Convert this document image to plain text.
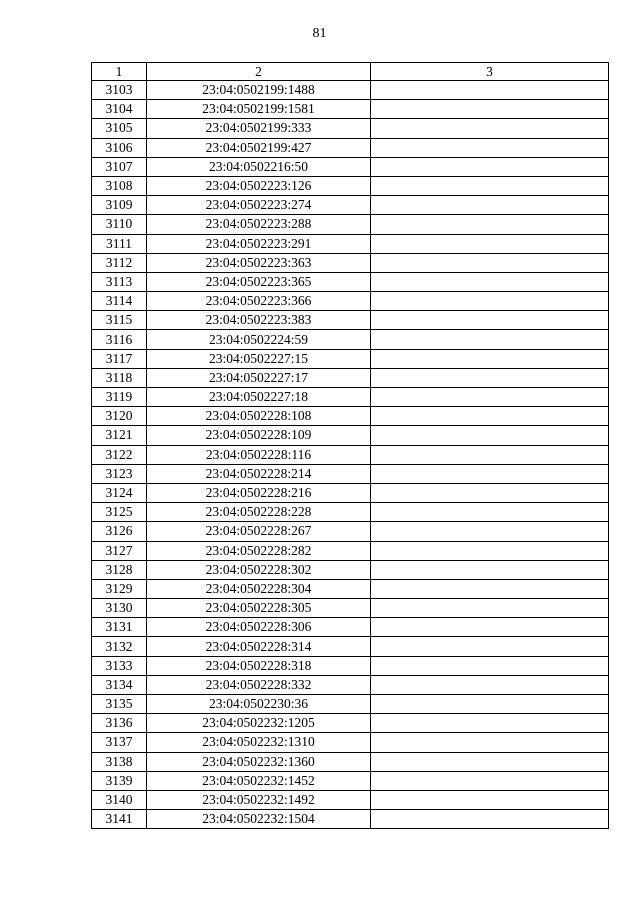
81
1	2	3
3103	23:04:0502199:1488	
3104	23:04:0502199:1581	
3105	23:04:0502199:333	
3106	23:04:0502199:427	
3107	23:04:0502216:50	
3108	23:04:0502223:126	
3109	23:04:0502223:274	
3110	23:04:0502223:288	
3111	23:04:0502223:291	
3112	23:04:0502223:363	
3113	23:04:0502223:365	
3114	23:04:0502223:366	
3115	23:04:0502223:383	
3116	23:04:0502224:59	
3117	23:04:0502227:15	
3118	23:04:0502227:17	
3119	23:04:0502227:18	
3120	23:04:0502228:108	
3121	23:04:0502228:109	
3122	23:04:0502228:116	
3123	23:04:0502228:214	
3124	23:04:0502228:216	
3125	23:04:0502228:228	
3126	23:04:0502228:267	
3127	23:04:0502228:282	
3128	23:04:0502228:302	
3129	23:04:0502228:304	
3130	23:04:0502228:305	
3131	23:04:0502228:306	
3132	23:04:0502228:314	
3133	23:04:0502228:318	
3134	23:04:0502228:332	
3135	23:04:0502230:36	
3136	23:04:0502232:1205	
3137	23:04:0502232:1310	
3138	23:04:0502232:1360	
3139	23:04:0502232:1452	
3140	23:04:0502232:1492	
3141	23:04:0502232:1504	
